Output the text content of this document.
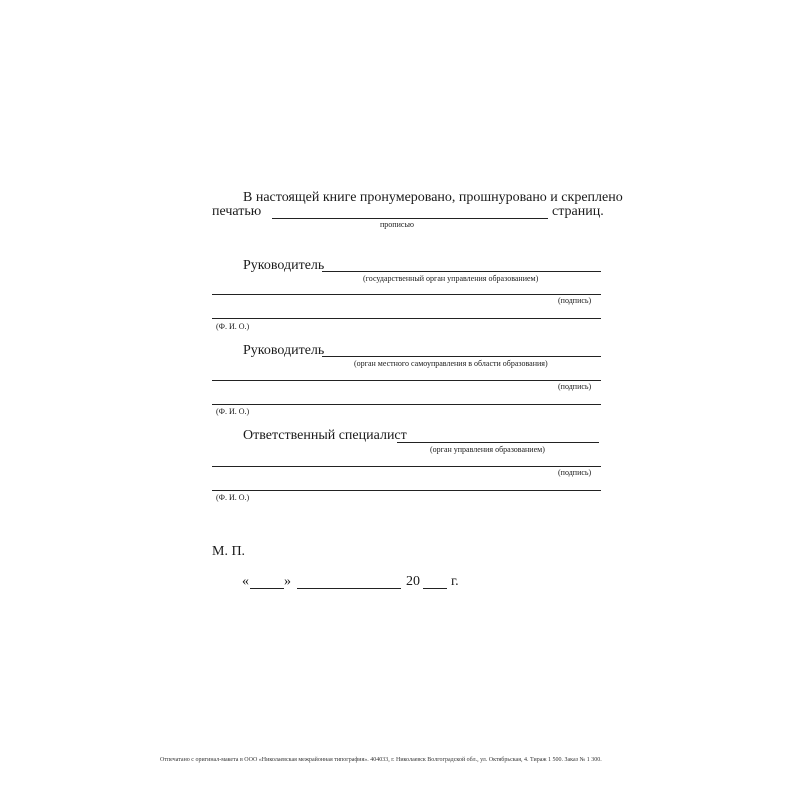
В настоящей книге пронумеровано, прошнуровано и скреплено
печатью	страниц.
прописью
Руководитель
(государственный орган управления образованием)
(подпись)
(Ф. И. О.)
Руководитель
(орган местного самоуправления в области образования)
(подпись)
(Ф. И. О.)
Ответственный специалист
(орган управления образованием)
(подпись)
(Ф. И. О.)
М. П.
«	»	20 г.
Отпечатано с оригинал-макета в ООО «Николаевская межрайонная типография». 404033, г. Николаевск Волгоградской обл., ул. Октябрьская, 4. Тираж 1 500. Заказ № 1 300.
